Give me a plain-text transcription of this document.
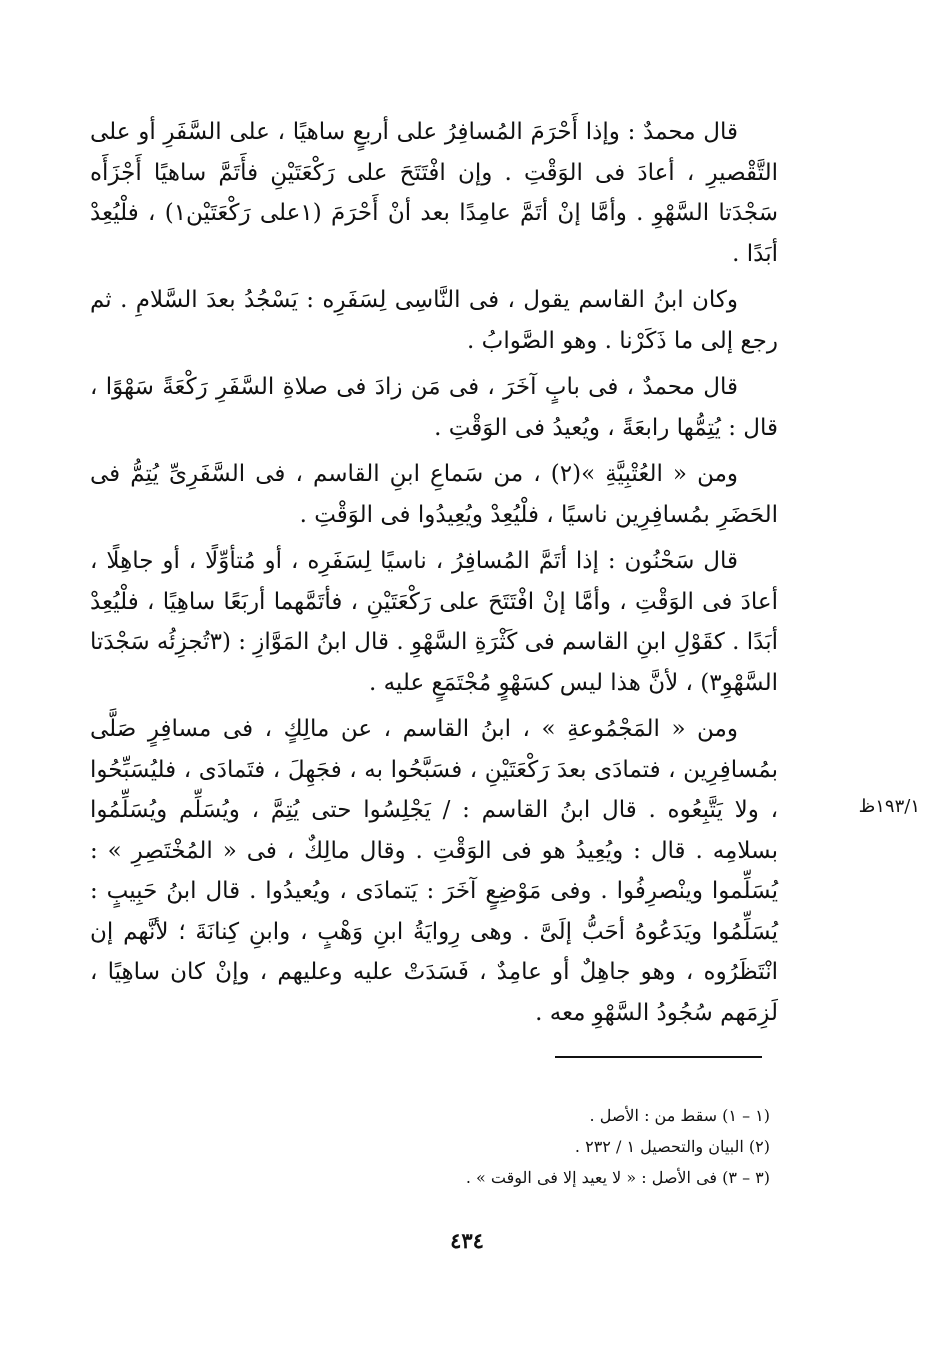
قال محمدٌ : وإذا أَحْرَمَ المُسافِرُ على أربعٍ ساهيًا ، على السَّفَرِ أو على التَّقْصيرِ ، أعادَ فى الوَقْتِ . وإن افْتَتَحَ على رَكْعَتَيْنِ فأَتَمَّ ساهيًا أَجْزَأَه سَجْدَتا السَّهْوِ . وأمَّا إنْ أتَمَّ عامِدًا بعد أنْ أَحْرَمَ (١على رَكْعَتَيْن١) ، فلْيُعِدْ أبَدًا .

وكان ابنُ القاسم يقول ، فى النَّاسِى لِسَفَرِه : يَسْجُدُ بعدَ السَّلامِ . ثم رجع إلى ما ذَكَرْنا . وهو الصَّوابُ .

قال محمدٌ ، فى بابٍ آخَرَ ، فى مَن زادَ فى صلاةِ السَّفَرِ رَكْعَةً سَهْوًا ، قال : يُتِمُّها رابعَةً ، ويُعيدُ فى الوَقْتِ .

ومن « العُتْبِيَّةِ »(٢) ، من سَماعِ ابنِ القاسم ، فى السَّفَرِىِّ يُتِمُّ فى الحَضَرِ بمُسافِرِين ناسيًا ، فلْيُعِدْ ويُعِيدُوا فى الوَقْتِ .

قال سَحْنُون : إذا أتَمَّ المُسافِرُ ، ناسيًا لِسَفَرِه ، أو مُتأوِّلًا ، أو جاهِلًا ، أعادَ فى الوَقْتِ ، وأمَّا إنْ افْتَتَحَ على رَكْعَتَيْنِ ، فأتَمَّهما أربَعًا ساهِيًا ، فلْيُعِدْ أبَدًا . كقَوْلِ ابنِ القاسم فى كَثْرَةِ السَّهْوِ . قال ابنُ المَوَّازِ : (٣تُجزِئُه سَجْدَتا السَّهْوِ٣) ، لأنَّ هذا ليس كسَهْوٍ مُجْتَمَعٍ عليه .

ومن « المَجْمُوعةِ » ، ابنُ القاسم ، عن مالِكٍ ، فى مسافِرٍ صَلَّى بمُسافِرِين ، فتمادَى بعدَ رَكْعَتَيْنِ ، فسَبَّحُوا به ، فجَهِلَ ، فتَمادَى ، فليُسَبِّحُوا ، ولا يَتَّبِعُوه . قال ابنُ القاسم : / يَجْلِسُوا حتى يُتِمَّ ، ويُسَلِّم ويُسَلِّمُوا بسلامِه . قال : ويُعِيدُ هو فى الوَقْتِ . وقال مالِكٌ ، فى « المُخْتَصِرِ » : يُسَلِّموا وينْصرِفُوا . وفى مَوْضِعٍ آخَرَ : يَتمادَى ، ويُعيدُوا . قال ابنُ حَبِيبٍ : يُسَلِّمُوا ويَدَعُوهُ أحَبُّ إلَىَّ . وهى رِوايَةُ ابنِ وَهْبٍ ، وابنِ كِنانَةَ ؛ لأنَّهم إن انْتَظَرُوه ، وهو جاهِلٌ أو عامِدٌ ، فَسَدَتْ عليه وعليهم ، وإنْ كان ساهِيًا ، لَزِمَهم سُجُودُ السَّهْوِ معه .

١٩٣/١ظ

(١ – ١) سقط من : الأصل .

(٢) البيان والتحصيل ١ / ٢٣٢ .

(٣ – ٣) فى الأصل : « لا يعيد إلا فى الوقت » .

٤٣٤
